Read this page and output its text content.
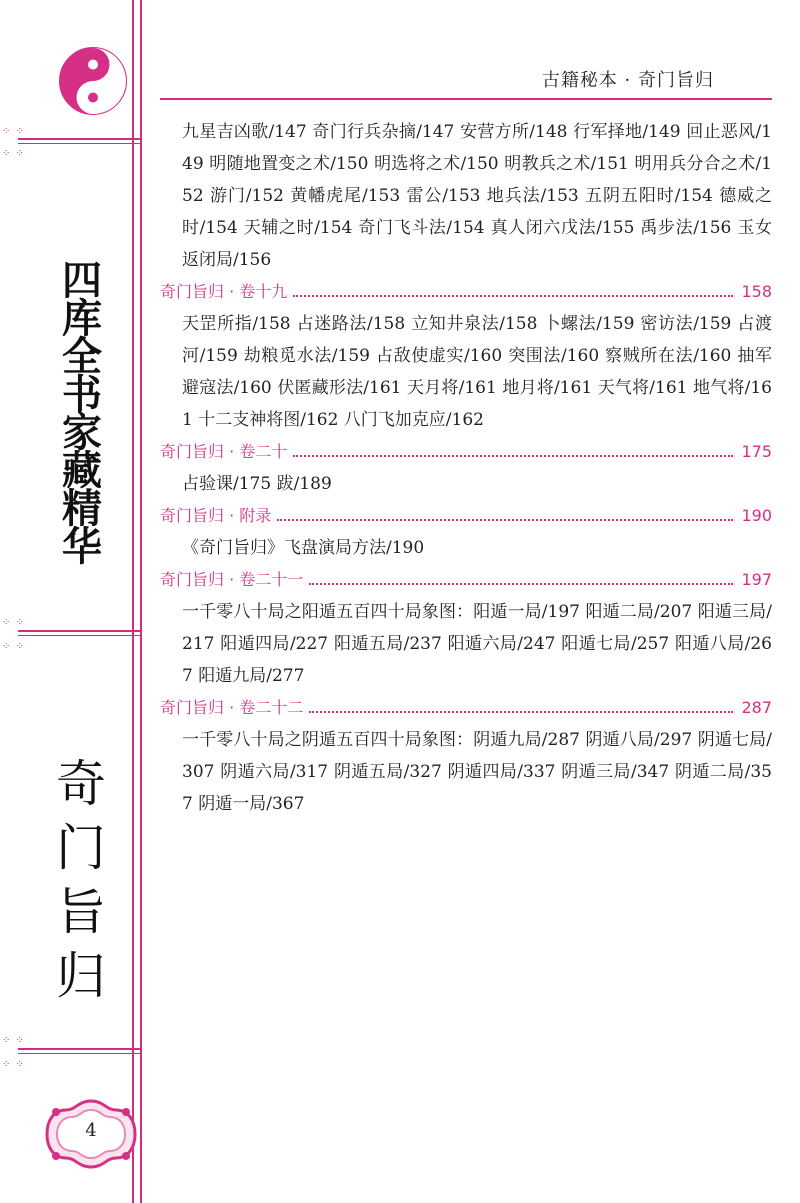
⁘ ⁘
⁘ ⁘
四
库
全
书
家
藏
精
华
⁘ ⁘
⁘ ⁘
奇
门
旨
归
⁘ ⁘
⁘ ⁘
4
古籍秘本 · 奇门旨归

九星吉凶歌/147 奇门行兵杂摘/147 安营方所/148 行军择地/149 回止恶风/149 明随地置变之术/150 明选将之术/150 明教兵之术/151 明用兵分合之术/152 游门/152 黄幡虎尾/153 雷公/153 地兵法/153 五阴五阳时/154 德威之时/154 天辅之时/154 奇门飞斗法/154 真人闭六戊法/155 禹步法/156 玉女返闭局/156

奇门旨归 · 卷十九	158

天罡所指/158 占迷路法/158 立知井泉法/158 卜螺法/159 密访法/159 占渡河/159 劫粮觅水法/159 占敌使虚实/160 突围法/160 察贼所在法/160 抽军避寇法/160 伏匿藏形法/161 天月将/161 地月将/161 天气将/161 地气将/161 十二支神将图/162 八门飞加克应/162

奇门旨归 · 卷二十	175

占验课/175 跋/189

奇门旨归 · 附录	190

《奇门旨归》飞盘演局方法/190

奇门旨归 · 卷二十一	197

一千零八十局之阳遁五百四十局象图：阳遁一局/197 阳遁二局/207 阳遁三局/217 阳遁四局/227 阳遁五局/237 阳遁六局/247 阳遁七局/257 阳遁八局/267 阳遁九局/277

奇门旨归 · 卷二十二	287

一千零八十局之阴遁五百四十局象图：阴遁九局/287 阴遁八局/297 阴遁七局/307 阴遁六局/317 阴遁五局/327 阴遁四局/337 阴遁三局/347 阴遁二局/357 阴遁一局/367
